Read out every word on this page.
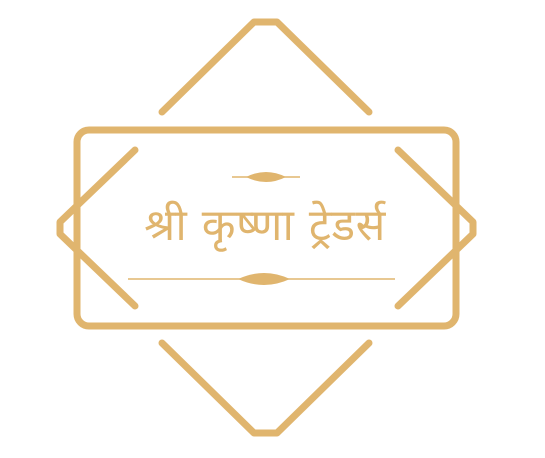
श्री कृष्णा ट्रेडर्स
